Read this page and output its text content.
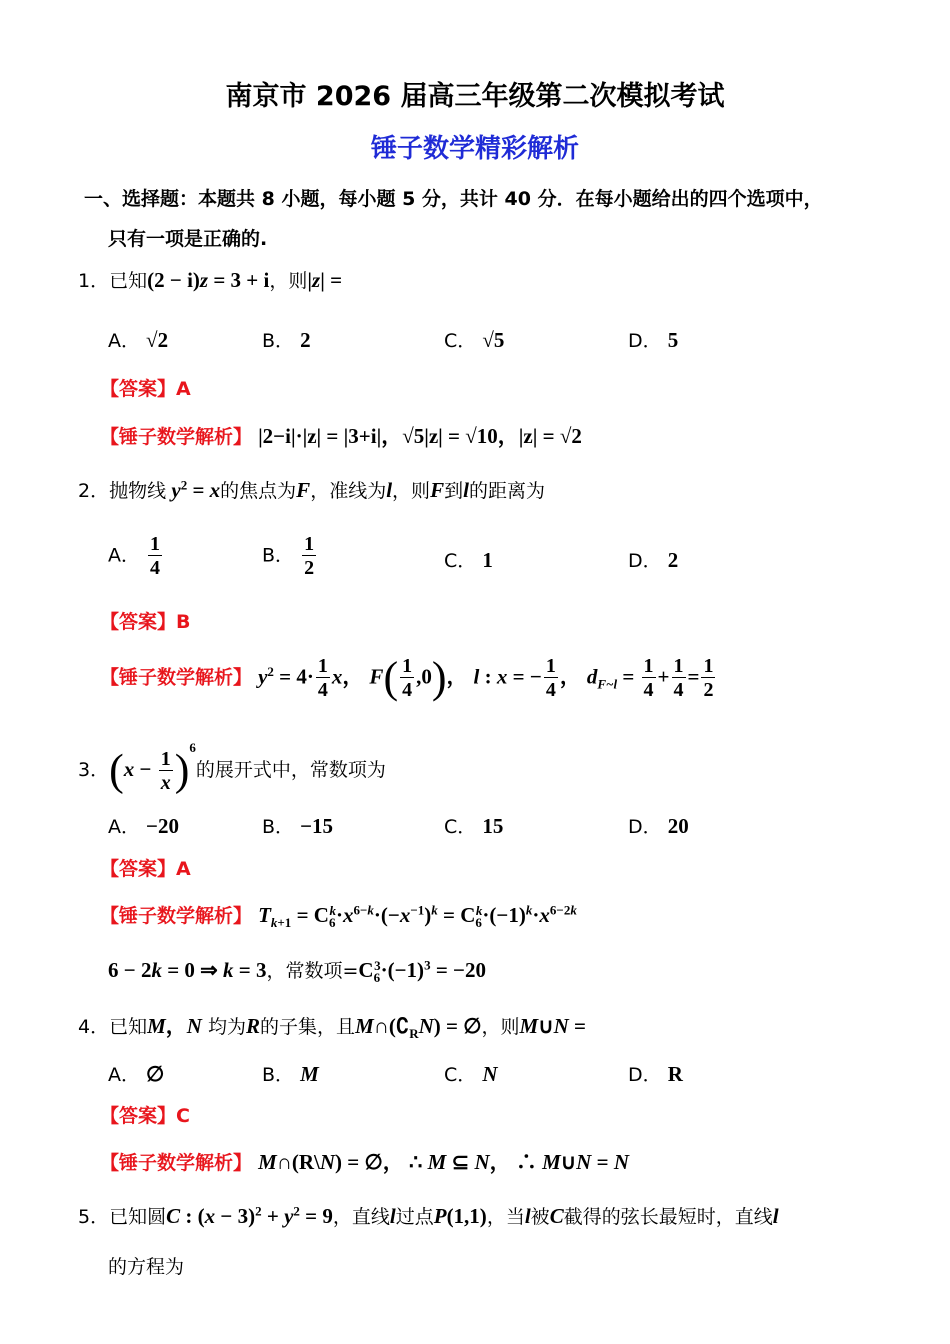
南京市 2026 届高三年级第二次模拟考试
锤子数学精彩解析
一、选择题：本题共 8 小题，每小题 5 分，共计 40 分．在每小题给出的四个选项中，
只有一项是正确的.
1．已知(2 − i)z = 3 + i，则|z| =
A． √2	B． 2	C． √5	D． 5
【答案】A
【锤子数学解析】 |2−i|·|z| = |3+i|，√5|z| = √10，|z| = √2
2．抛物线 $y^2 = x$的焦点为F，准线为l，则F到l的距离为
A． $\frac{1}{4}$	B． $\frac{1}{2}$	C． 1	D． 2
【答案】B
【锤子数学解析】 $y^2 = 4\cdot \frac{1}{4}$ x， $F( \frac{1}{4} ,0)$， l : x = − $\frac{1}{4}$ ， $d_{F\sim l} = \frac{1}{4} + \frac{1}{4} = \frac{1}{2}$
3．$(x - \frac{1}{x} )^6$的展开式中，常数项为
A． −20	B． −15	C． 15	D． 20
【答案】A
【锤子数学解析】 $T_{k+1} = C_6^k\cdot x^{6-k}\cdot(-x^{-1})^k = C_6^k\cdot(-1)^k\cdot x^{6-2k}$
6 − 2k = 0 ⇒ k = 3，常数项$=C_6^3\cdot(-1)^3 = -20$
4．已知M，N 均为R的子集，且$M\cap(∁_RN)$ = ∅，则M∪N =
A． ∅	B． M	C． N	D． R
【答案】C
【锤子数学解析】 M∩(R\N) = ∅， ∴ M ⊆ N， ∴ M∪N = N
5．已知圆C : $(x - 3)^2 + y^2 = 9$，直线l过点P(1,1)，当l被C截得的弦长最短时，直线l
的方程为
